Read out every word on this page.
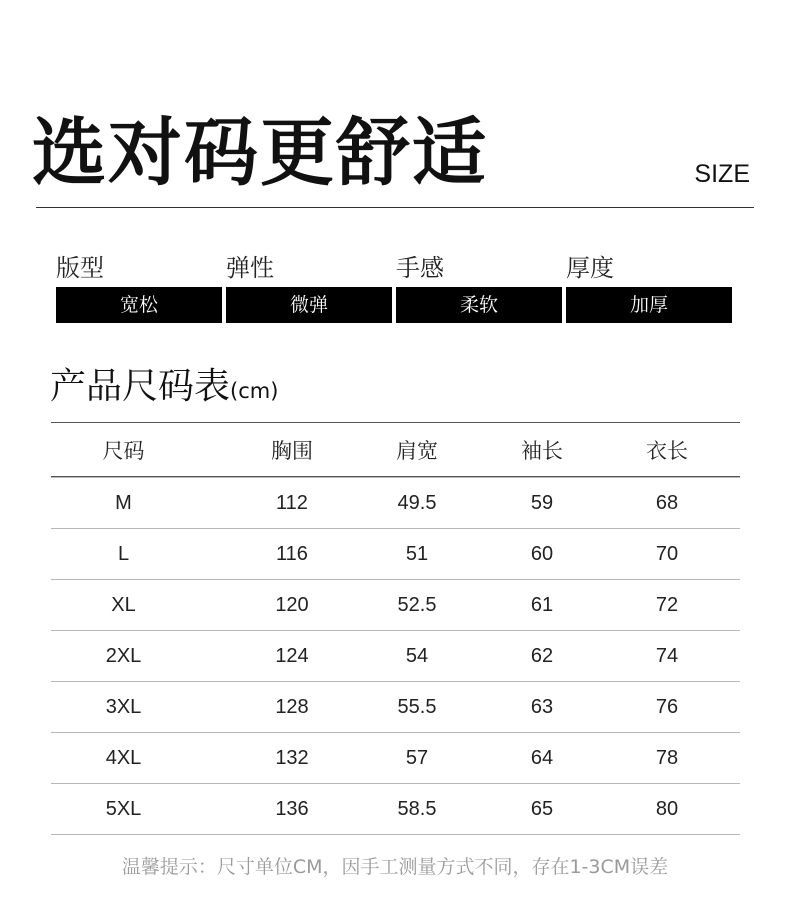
选对码更舒适	SIZE
版型
宽松
弹性
微弹
手感
柔软
厚度
加厚
产品尺码表(cm)
尺码	胸围	肩宽	袖长	衣长
M	112	49.5	59	68
L	116	51	60	70
XL	120	52.5	61	72
2XL	124	54	62	74
3XL	128	55.5	63	76
4XL	132	57	64	78
5XL	136	58.5	65	80
温馨提示：尺寸单位CM，因手工测量方式不同，存在1-3CM误差
